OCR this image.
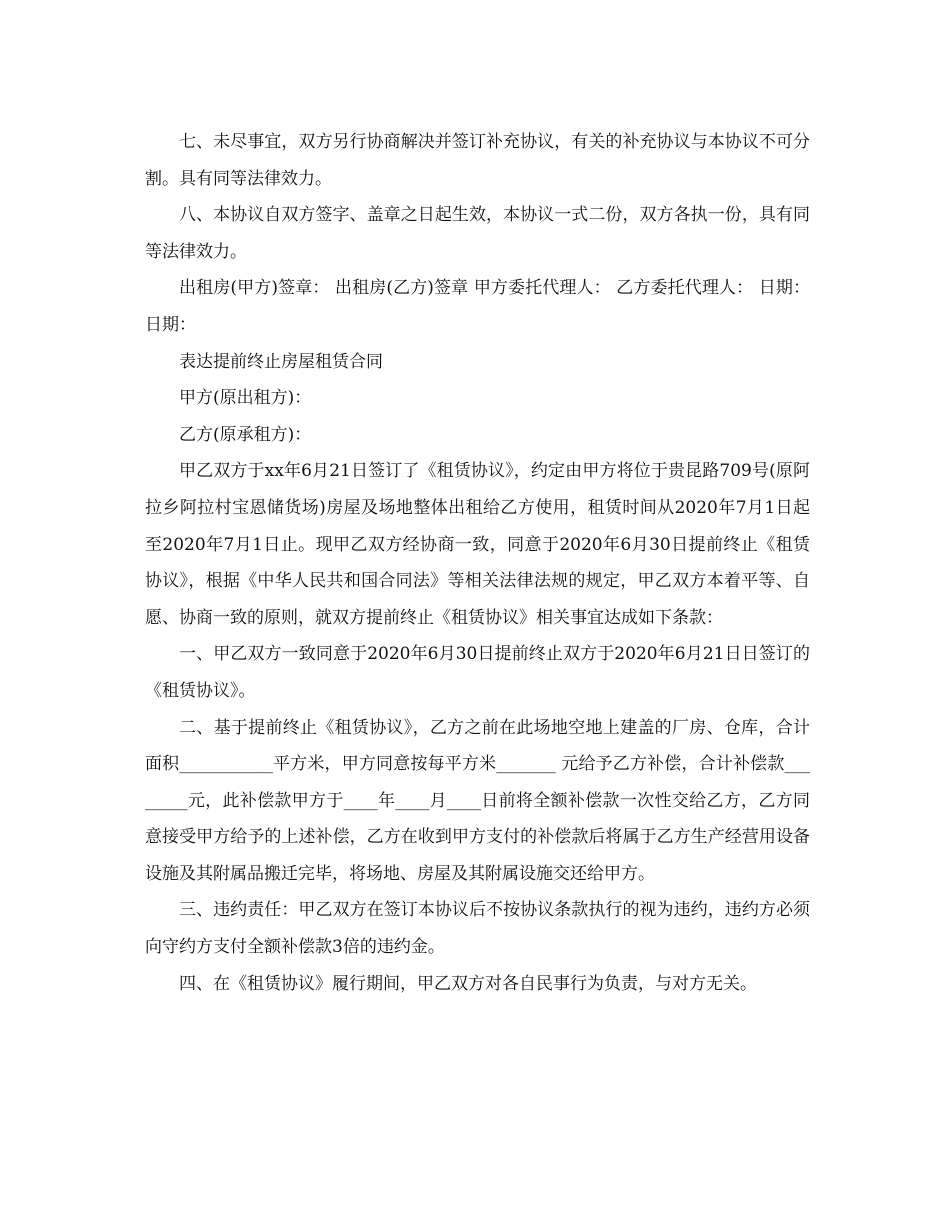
七、未尽事宜，双方另行协商解决并签订补充协议，有关的补充协议与本协议不可分割。具有同等法律效力。

八、本协议自双方签字、盖章之日起生效，本协议一式二份，双方各执一份，具有同等法律效力。

出租房(甲方)签章： 出租房(乙方)签章 甲方委托代理人： 乙方委托代理人： 日期： 日期：

表达提前终止房屋租赁合同

甲方(原出租方)：

乙方(原承租方)：

甲乙双方于xx年6月21日签订了《租赁协议》，约定由甲方将位于贵昆路709号(原阿拉乡阿拉村宝恩储货场)房屋及场地整体出租给乙方使用，租赁时间从2020年7月1日起至2020年7月1日止。现甲乙双方经协商一致，同意于2020年6月30日提前终止《租赁协议》，根据《中华人民共和国合同法》等相关法律法规的规定，甲乙双方本着平等、自愿、协商一致的原则，就双方提前终止《租赁协议》相关事宜达成如下条款：

一、甲乙双方一致同意于2020年6月30日提前终止双方于2020年6月21日日签订的《租赁协议》。

二、基于提前终止《租赁协议》，乙方之前在此场地空地上建盖的厂房、仓库，合计面积___________平方米，甲方同意按每平方米_______ 元给予乙方补偿，合计补偿款________元，此补偿款甲方于____年____月____日前将全额补偿款一次性交给乙方，乙方同意接受甲方给予的上述补偿，乙方在收到甲方支付的补偿款后将属于乙方生产经营用设备设施及其附属品搬迁完毕，将场地、房屋及其附属设施交还给甲方。

三、违约责任：甲乙双方在签订本协议后不按协议条款执行的视为违约，违约方必须向守约方支付全额补偿款3倍的违约金。

四、在《租赁协议》履行期间，甲乙双方对各自民事行为负责，与对方无关。
